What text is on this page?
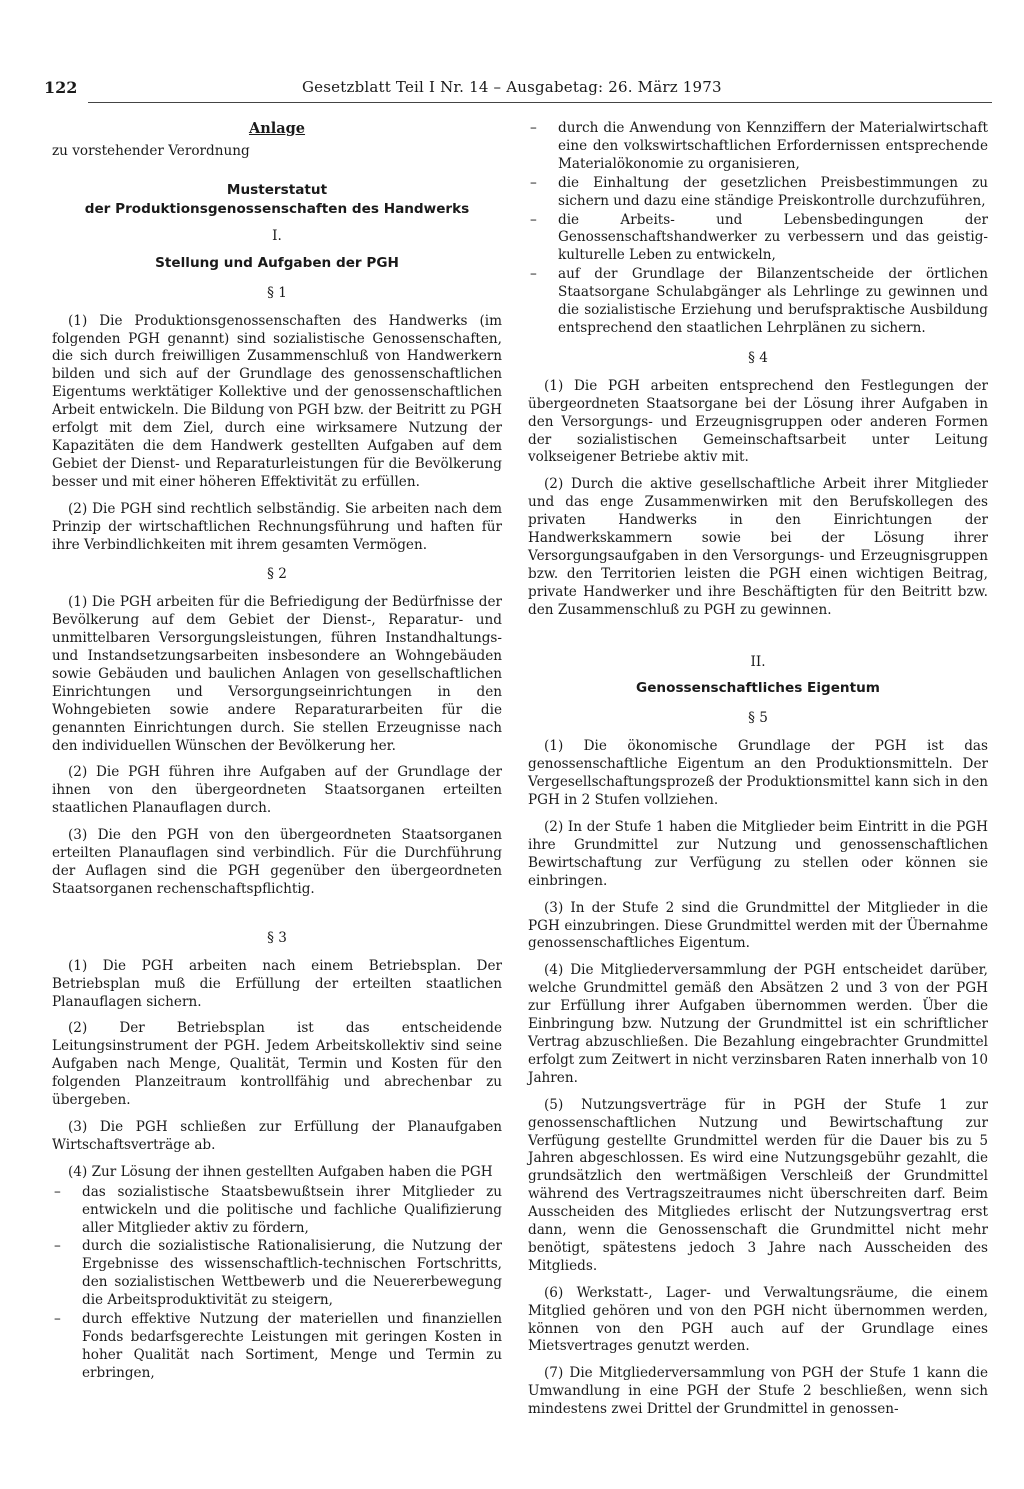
122	Gesetzblatt Teil I Nr. 14 – Ausgabetag: 26. März 1973

Anlage

zu vorstehender Verordnung

Musterstatut

der Produktionsgenossenschaften des Handwerks

I.

Stellung und Aufgaben der PGH

§ 1

(1) Die Produktionsgenossenschaften des Handwerks (im folgenden PGH genannt) sind sozialistische Genossenschaften, die sich durch freiwilligen Zusammenschluß von Handwerkern bilden und sich auf der Grundlage des genossenschaftlichen Eigentums werktätiger Kollektive und der genossenschaftlichen Arbeit entwickeln. Die Bildung von PGH bzw. der Beitritt zu PGH erfolgt mit dem Ziel, durch eine wirksamere Nutzung der Kapazitäten die dem Handwerk gestellten Aufgaben auf dem Gebiet der Dienst- und Reparaturleistungen für die Bevölkerung besser und mit einer höheren Effektivität zu erfüllen.

(2) Die PGH sind rechtlich selbständig. Sie arbeiten nach dem Prinzip der wirtschaftlichen Rechnungsführung und haften für ihre Verbindlichkeiten mit ihrem gesamten Vermögen.

§ 2

(1) Die PGH arbeiten für die Befriedigung der Bedürfnisse der Bevölkerung auf dem Gebiet der Dienst-, Reparatur- und unmittelbaren Versorgungsleistungen, führen Instandhaltungs- und Instandsetzungsarbeiten insbesondere an Wohngebäuden sowie Gebäuden und baulichen Anlagen von gesellschaftlichen Einrichtungen und Versorgungseinrichtungen in den Wohngebieten sowie andere Reparaturarbeiten für die genannten Einrichtungen durch. Sie stellen Erzeugnisse nach den individuellen Wünschen der Bevölkerung her.

(2) Die PGH führen ihre Aufgaben auf der Grundlage der ihnen von den übergeordneten Staatsorganen erteilten staatlichen Planauflagen durch.

(3) Die den PGH von den übergeordneten Staatsorganen erteilten Planauflagen sind verbindlich. Für die Durchführung der Auflagen sind die PGH gegenüber den übergeordneten Staatsorganen rechenschaftspflichtig.

§ 3

(1) Die PGH arbeiten nach einem Betriebsplan. Der Betriebsplan muß die Erfüllung der erteilten staatlichen Planauflagen sichern.

(2) Der Betriebsplan ist das entscheidende Leitungsinstrument der PGH. Jedem Arbeitskollektiv sind seine Aufgaben nach Menge, Qualität, Termin und Kosten für den folgenden Planzeitraum kontrollfähig und abrechenbar zu übergeben.

(3) Die PGH schließen zur Erfüllung der Planaufgaben Wirtschaftsverträge ab.

(4) Zur Lösung der ihnen gestellten Aufgaben haben die PGH

– das sozialistische Staatsbewußtsein ihrer Mitglieder zu entwickeln und die politische und fachliche Qualifizierung aller Mitglieder aktiv zu fördern,
– durch die sozialistische Rationalisierung, die Nutzung der Ergebnisse des wissenschaftlich-technischen Fortschritts, den sozialistischen Wettbewerb und die Neuererbewegung die Arbeitsproduktivität zu steigern,
– durch effektive Nutzung der materiellen und finanziellen Fonds bedarfsgerechte Leistungen mit geringen Kosten in hoher Qualität nach Sortiment, Menge und Termin zu erbringen,
– durch die Anwendung von Kennziffern der Materialwirtschaft eine den volkswirtschaftlichen Erfordernissen entsprechende Materialökonomie zu organisieren,
– die Einhaltung der gesetzlichen Preisbestimmungen zu sichern und dazu eine ständige Preiskontrolle durchzuführen,
– die Arbeits- und Lebensbedingungen der Genossenschaftshandwerker zu verbessern und das geistig-kulturelle Leben zu entwickeln,
– auf der Grundlage der Bilanzentscheide der örtlichen Staatsorgane Schulabgänger als Lehrlinge zu gewinnen und die sozialistische Erziehung und berufspraktische Ausbildung entsprechend den staatlichen Lehrplänen zu sichern.

§ 4

(1) Die PGH arbeiten entsprechend den Festlegungen der übergeordneten Staatsorgane bei der Lösung ihrer Aufgaben in den Versorgungs- und Erzeugnisgruppen oder anderen Formen der sozialistischen Gemeinschaftsarbeit unter Leitung volkseigener Betriebe aktiv mit.

(2) Durch die aktive gesellschaftliche Arbeit ihrer Mitglieder und das enge Zusammenwirken mit den Berufskollegen des privaten Handwerks in den Einrichtungen der Handwerkskammern sowie bei der Lösung ihrer Versorgungsaufgaben in den Versorgungs- und Erzeugnisgruppen bzw. den Territorien leisten die PGH einen wichtigen Beitrag, private Handwerker und ihre Beschäftigten für den Beitritt bzw. den Zusammenschluß zu PGH zu gewinnen.

II.

Genossenschaftliches Eigentum

§ 5

(1) Die ökonomische Grundlage der PGH ist das genossenschaftliche Eigentum an den Produktionsmitteln. Der Vergesellschaftungsprozeß der Produktionsmittel kann sich in den PGH in 2 Stufen vollziehen.

(2) In der Stufe 1 haben die Mitglieder beim Eintritt in die PGH ihre Grundmittel zur Nutzung und genossenschaftlichen Bewirtschaftung zur Verfügung zu stellen oder können sie einbringen.

(3) In der Stufe 2 sind die Grundmittel der Mitglieder in die PGH einzubringen. Diese Grundmittel werden mit der Übernahme genossenschaftliches Eigentum.

(4) Die Mitgliederversammlung der PGH entscheidet darüber, welche Grundmittel gemäß den Absätzen 2 und 3 von der PGH zur Erfüllung ihrer Aufgaben übernommen werden. Über die Einbringung bzw. Nutzung der Grundmittel ist ein schriftlicher Vertrag abzuschließen. Die Bezahlung eingebrachter Grundmittel erfolgt zum Zeitwert in nicht verzinsbaren Raten innerhalb von 10 Jahren.

(5) Nutzungsverträge für in PGH der Stufe 1 zur genossenschaftlichen Nutzung und Bewirtschaftung zur Verfügung gestellte Grundmittel werden für die Dauer bis zu 5 Jahren abgeschlossen. Es wird eine Nutzungsgebühr gezahlt, die grundsätzlich den wertmäßigen Verschleiß der Grundmittel während des Vertragszeitraumes nicht überschreiten darf. Beim Ausscheiden des Mitgliedes erlischt der Nutzungsvertrag erst dann, wenn die Genossenschaft die Grundmittel nicht mehr benötigt, spätestens jedoch 3 Jahre nach Ausscheiden des Mitglieds.

(6) Werkstatt-, Lager- und Verwaltungsräume, die einem Mitglied gehören und von den PGH nicht übernommen werden, können von den PGH auch auf der Grundlage eines Mietsvertrages genutzt werden.

(7) Die Mitgliederversammlung von PGH der Stufe 1 kann die Umwandlung in eine PGH der Stufe 2 beschließen, wenn sich mindestens zwei Drittel der Grundmittel in genossen-
